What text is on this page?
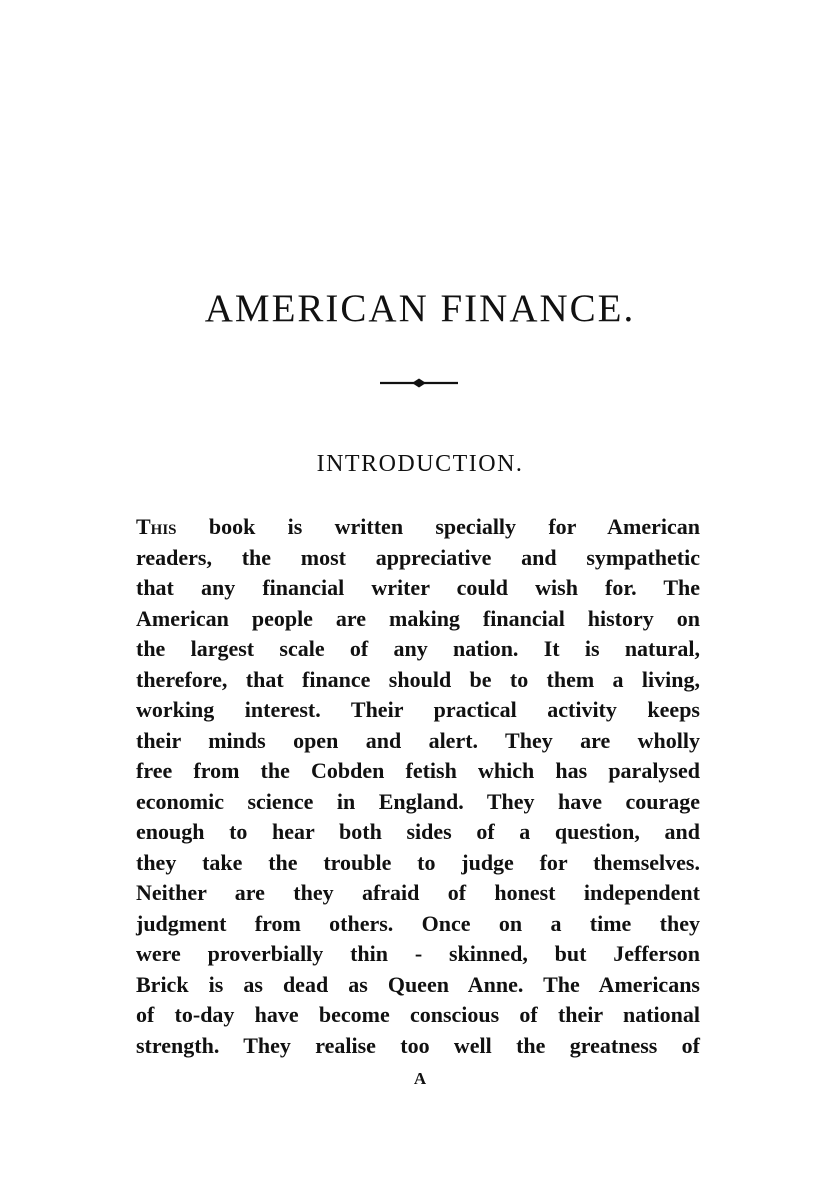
AMERICAN FINANCE.
INTRODUCTION.
This book is written specially for American
readers, the most appreciative and sympathetic
that any financial writer could wish for. The
American people are making financial history on
the largest scale of any nation. It is natural,
therefore, that finance should be to them a living,
working interest. Their practical activity keeps
their minds open and alert. They are wholly
free from the Cobden fetish which has paralysed
economic science in England. They have courage
enough to hear both sides of a question, and
they take the trouble to judge for themselves.
Neither are they afraid of honest independent
judgment from others. Once on a time they
were proverbially thin - skinned, but Jefferson
Brick is as dead as Queen Anne. The Americans
of to-day have become conscious of their national
strength. They realise too well the greatness of
A
